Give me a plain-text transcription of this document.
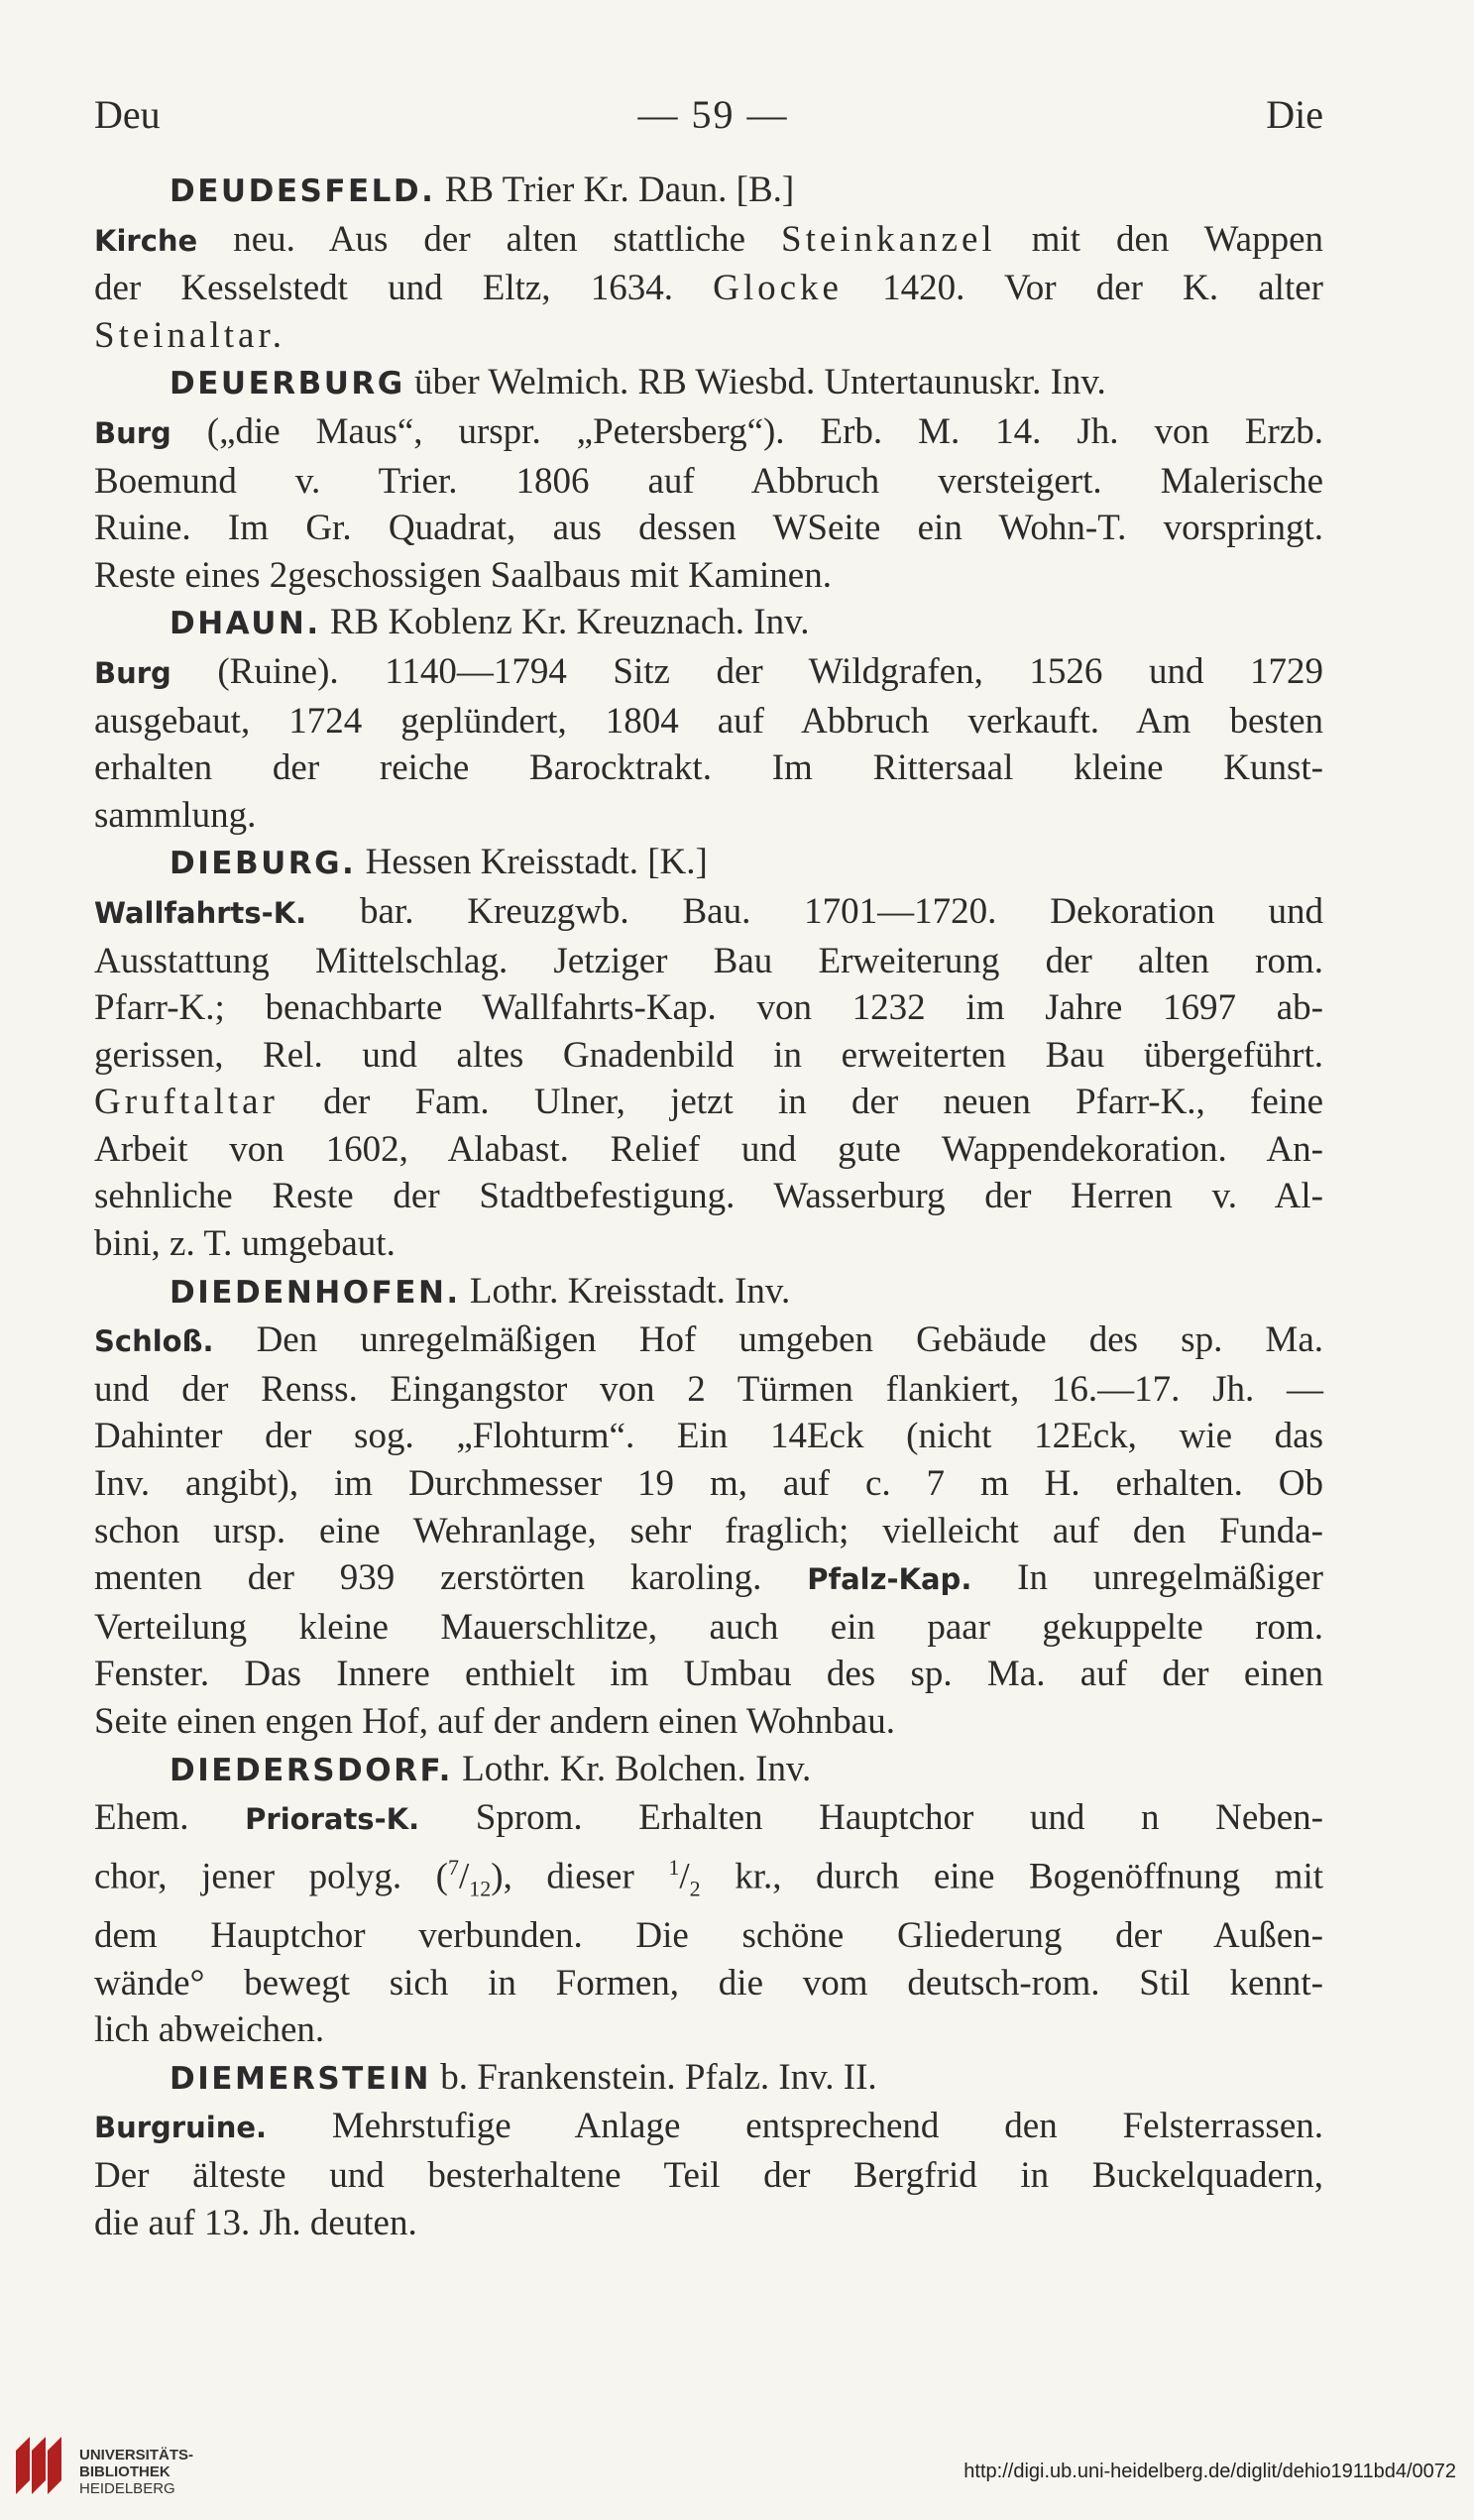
Deu	— 59 —	Die
DEUDESFELD. RB Trier Kr. Daun. [B.]
Kirche neu. Aus der alten stattliche Steinkanzel mit den Wappen
der Kesselstedt und Eltz, 1634. Glocke 1420. Vor der K. alter
Steinaltar.
DEUERBURG über Welmich. RB Wiesbd. Untertaunuskr. Inv.
Burg („die Maus“, urspr. „Petersberg“). Erb. M. 14. Jh. von Erzb.
Boemund v. Trier. 1806 auf Abbruch versteigert. Malerische
Ruine. Im Gr. Quadrat, aus dessen WSeite ein Wohn-T. vorspringt.
Reste eines 2geschossigen Saalbaus mit Kaminen.
DHAUN. RB Koblenz Kr. Kreuznach. Inv.
Burg (Ruine). 1140—1794 Sitz der Wildgrafen, 1526 und 1729
ausgebaut, 1724 geplündert, 1804 auf Abbruch verkauft. Am besten
erhalten der reiche Barocktrakt. Im Rittersaal kleine Kunst-
sammlung.
DIEBURG. Hessen Kreisstadt. [K.]
Wallfahrts-K. bar. Kreuzgwb. Bau. 1701—1720. Dekoration und
Ausstattung Mittelschlag. Jetziger Bau Erweiterung der alten rom.
Pfarr-K.; benachbarte Wallfahrts-Kap. von 1232 im Jahre 1697 ab-
gerissen, Rel. und altes Gnadenbild in erweiterten Bau übergeführt.
Gruftaltar der Fam. Ulner, jetzt in der neuen Pfarr-K., feine
Arbeit von 1602, Alabast. Relief und gute Wappendekoration. An-
sehnliche Reste der Stadtbefestigung. Wasserburg der Herren v. Al-
bini, z. T. umgebaut.
DIEDENHOFEN. Lothr. Kreisstadt. Inv.
Schloß. Den unregelmäßigen Hof umgeben Gebäude des sp. Ma.
und der Renss. Eingangstor von 2 Türmen flankiert, 16.—17. Jh. —
Dahinter der sog. „Flohturm“. Ein 14Eck (nicht 12Eck, wie das
Inv. angibt), im Durchmesser 19 m, auf c. 7 m H. erhalten. Ob
schon ursp. eine Wehranlage, sehr fraglich; vielleicht auf den Funda-
menten der 939 zerstörten karoling. Pfalz-Kap. In unregelmäßiger
Verteilung kleine Mauerschlitze, auch ein paar gekuppelte rom.
Fenster. Das Innere enthielt im Umbau des sp. Ma. auf der einen
Seite einen engen Hof, auf der andern einen Wohnbau.
DIEDERSDORF. Lothr. Kr. Bolchen. Inv.
Ehem. Priorats-K. Sprom. Erhalten Hauptchor und n Neben-
chor, jener polyg. $(^7/_{12})$, dieser $^1/_2$ kr., durch eine Bogenöffnung mit
dem Hauptchor verbunden. Die schöne Gliederung der Außen-
wände° bewegt sich in Formen, die vom deutsch-rom. Stil kennt-
lich abweichen.
DIEMERSTEIN b. Frankenstein. Pfalz. Inv. II.
Burgruine. Mehrstufige Anlage entsprechend den Felsterrassen.
Der älteste und besterhaltene Teil der Bergfrid in Buckelquadern,
die auf 13. Jh. deuten.
UNIVERSITÄTS-
BIBLIOTHEK
HEIDELBERG
http://digi.ub.uni-heidelberg.de/diglit/dehio1911bd4/0072
